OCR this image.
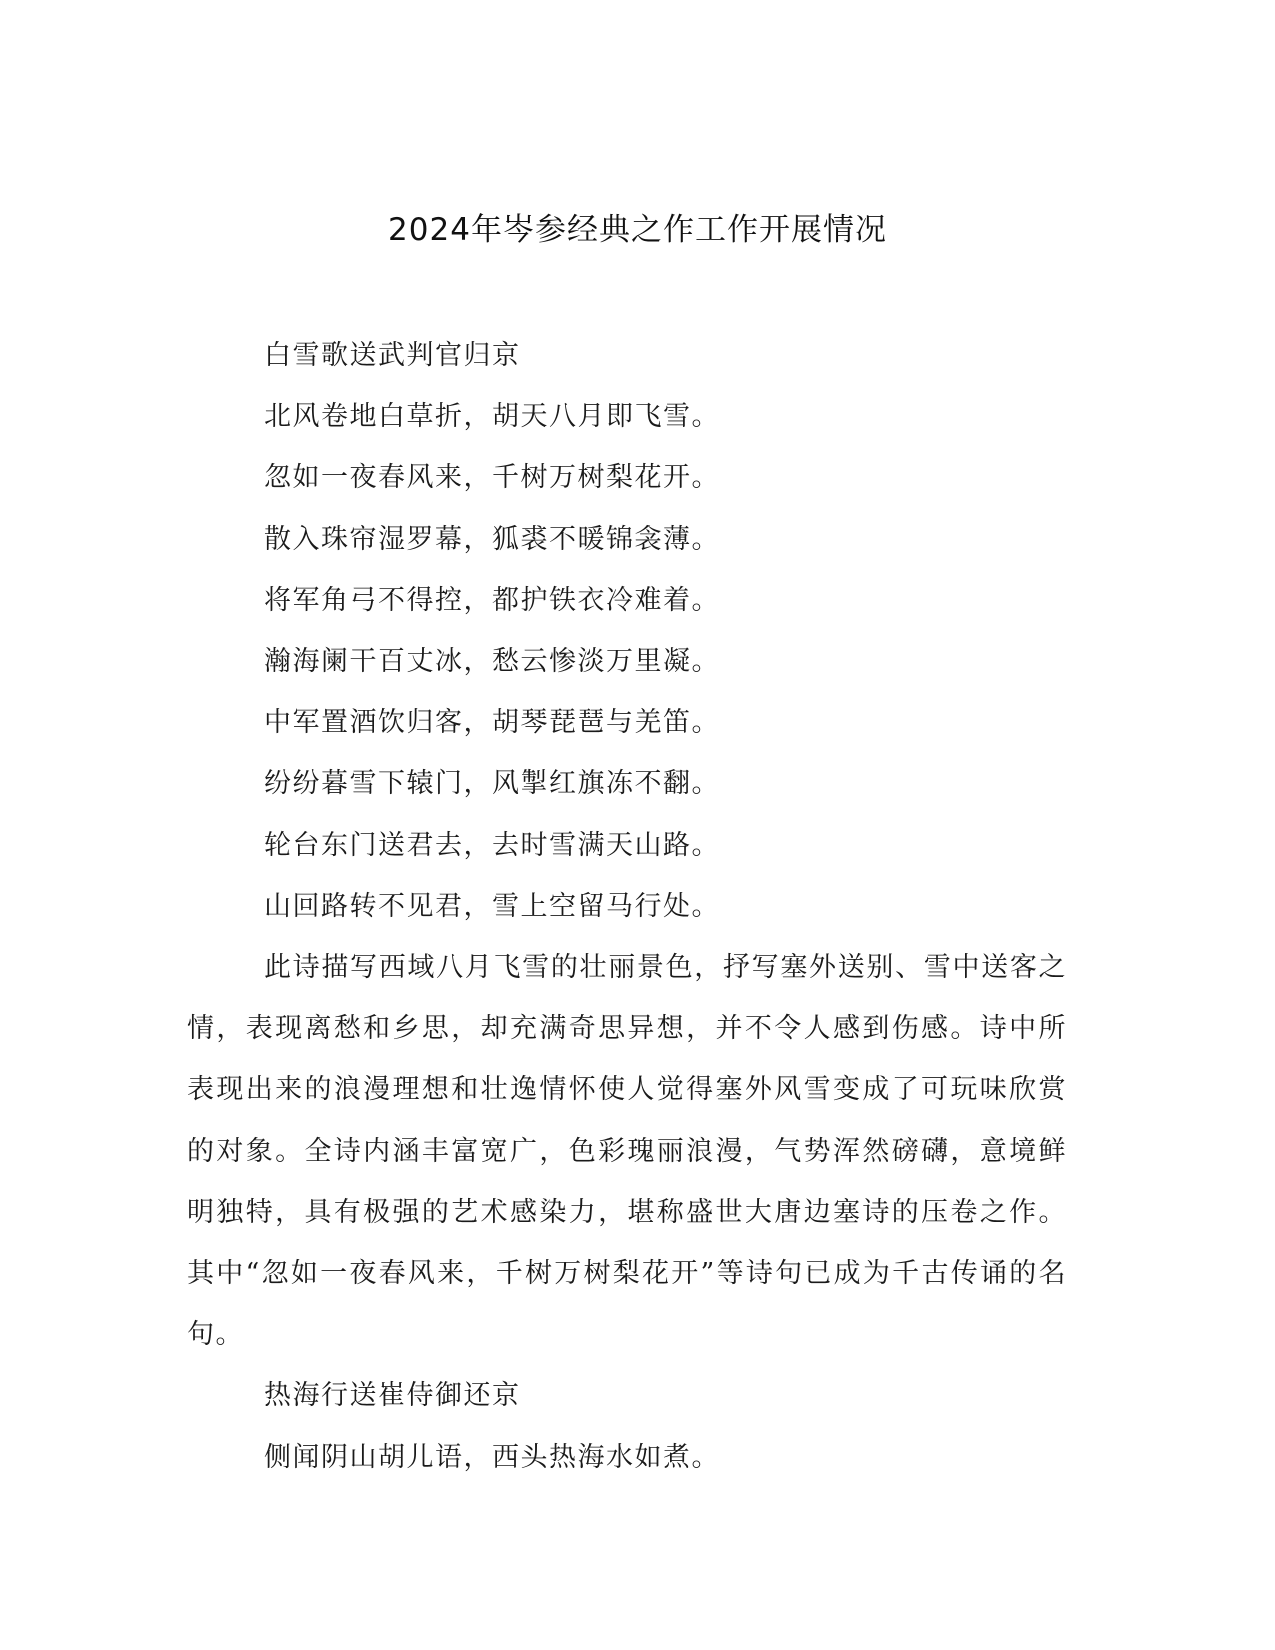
2024年岑参经典之作工作开展情况

白雪歌送武判官归京

北风卷地白草折，胡天八月即飞雪。

忽如一夜春风来，千树万树梨花开。

散入珠帘湿罗幕，狐裘不暖锦衾薄。

将军角弓不得控，都护铁衣冷难着。

瀚海阑干百丈冰，愁云惨淡万里凝。

中军置酒饮归客，胡琴琵琶与羌笛。

纷纷暮雪下辕门，风掣红旗冻不翻。

轮台东门送君去，去时雪满天山路。

山回路转不见君，雪上空留马行处。

此诗描写西域八月飞雪的壮丽景色，抒写塞外送别、雪中送客之情，表现离愁和乡思，却充满奇思异想，并不令人感到伤感。诗中所表现出来的浪漫理想和壮逸情怀使人觉得塞外风雪变成了可玩味欣赏的对象。全诗内涵丰富宽广，色彩瑰丽浪漫，气势浑然磅礴，意境鲜明独特，具有极强的艺术感染力，堪称盛世大唐边塞诗的压卷之作。其中“忽如一夜春风来，千树万树梨花开”等诗句已成为千古传诵的名句。

热海行送崔侍御还京

侧闻阴山胡儿语，西头热海水如煮。
